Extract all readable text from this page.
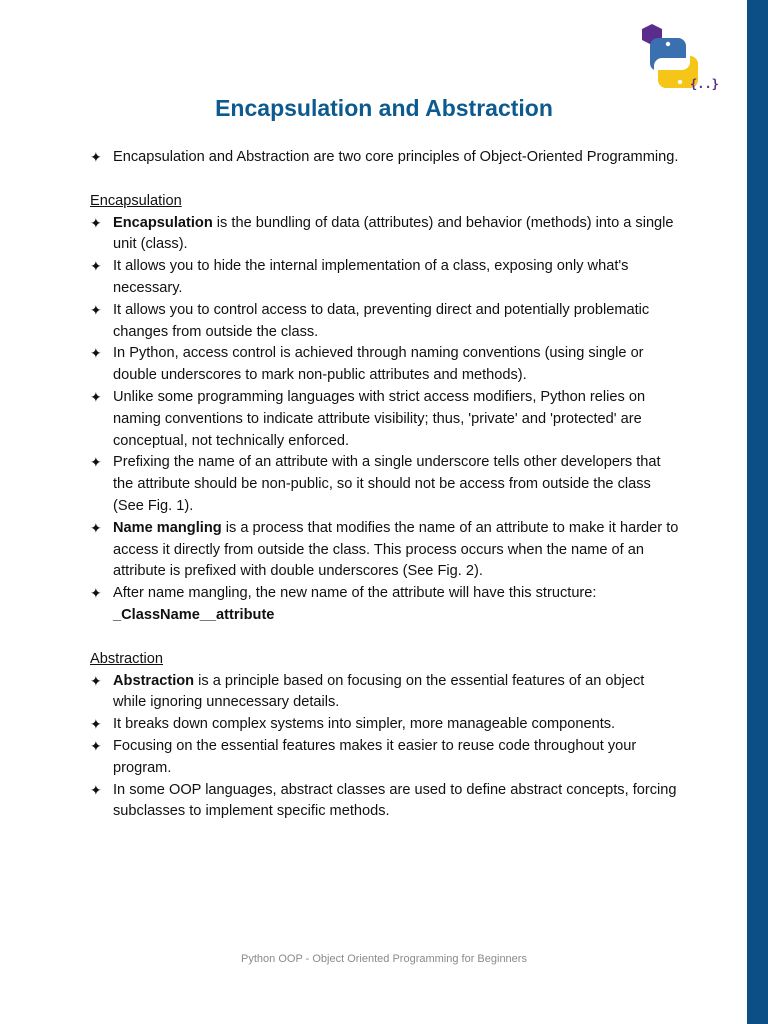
{..}
Encapsulation and Abstraction
✦ Encapsulation and Abstraction are two core principles of Object-Oriented Programming.
Encapsulation
✦ Encapsulation is the bundling of data (attributes) and behavior (methods) into a single unit (class).
✦ It allows you to hide the internal implementation of a class, exposing only what's necessary.
✦ It allows you to control access to data, preventing direct and potentially problematic changes from outside the class.
✦ In Python, access control is achieved through naming conventions (using single or double underscores to mark non-public attributes and methods).
✦ Unlike some programming languages with strict access modifiers, Python relies on naming conventions to indicate attribute visibility; thus, 'private' and 'protected' are conceptual, not technically enforced.
✦ Prefixing the name of an attribute with a single underscore tells other developers that the attribute should be non-public, so it should not be access from outside the class (See Fig. 1).
✦ Name mangling is a process that modifies the name of an attribute to make it harder to access it directly from outside the class. This process occurs when the name of an attribute is prefixed with double underscores (See Fig. 2).
✦ After name mangling, the new name of the attribute will have this structure:
_ClassName__attribute
Abstraction
✦ Abstraction is a principle based on focusing on the essential features of an object while ignoring unnecessary details.
✦ It breaks down complex systems into simpler, more manageable components.
✦ Focusing on the essential features makes it easier to reuse code throughout your program.
✦ In some OOP languages, abstract classes are used to define abstract concepts, forcing subclasses to implement specific methods.
Python OOP - Object Oriented Programming for Beginners
